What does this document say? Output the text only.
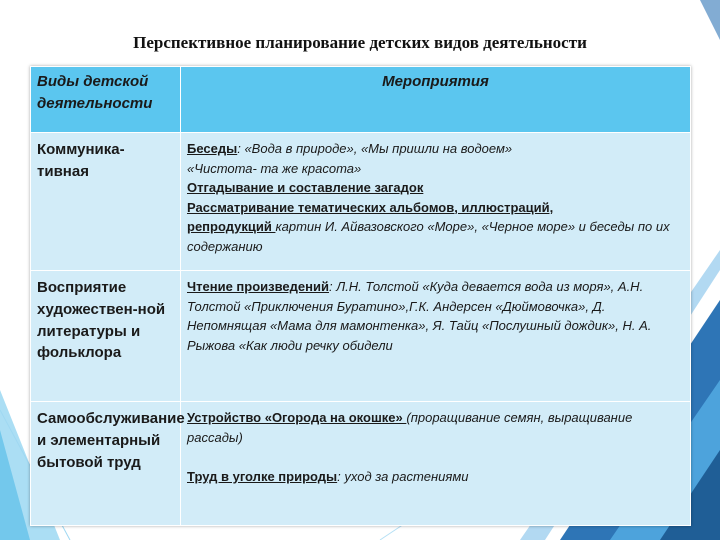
Перспективное планирование детских видов деятельности
Виды детской деятельности	Мероприятия
Коммуника-тивная	Беседы: «Вода в природе», «Мы пришли на водоем»
«Чистота- та же красота»
Отгадывание и составление загадок
Рассматривание тематических альбомов, иллюстраций,
репродукций картин И. Айвазовского «Море», «Черное море» и беседы по их содержанию

Восприятие художествен-ной литературы и фольклора	Чтение произведений: Л.Н. Толстой «Куда девается вода из моря», А.Н. Толстой «Приключения Буратино»,Г.К. Андерсен «Дюймовочка», Д. Непомнящая «Мама для мамонтенка», Я. Тайц «Послушный дождик», Н. А. Рыжова «Как люди речку обидели

Самообслуживание и элементарный бытовой труд	Устройство «Огорода на окошке» (проращивание семян, выращивание рассады)
Труд в уголке природы: уход за растениями
